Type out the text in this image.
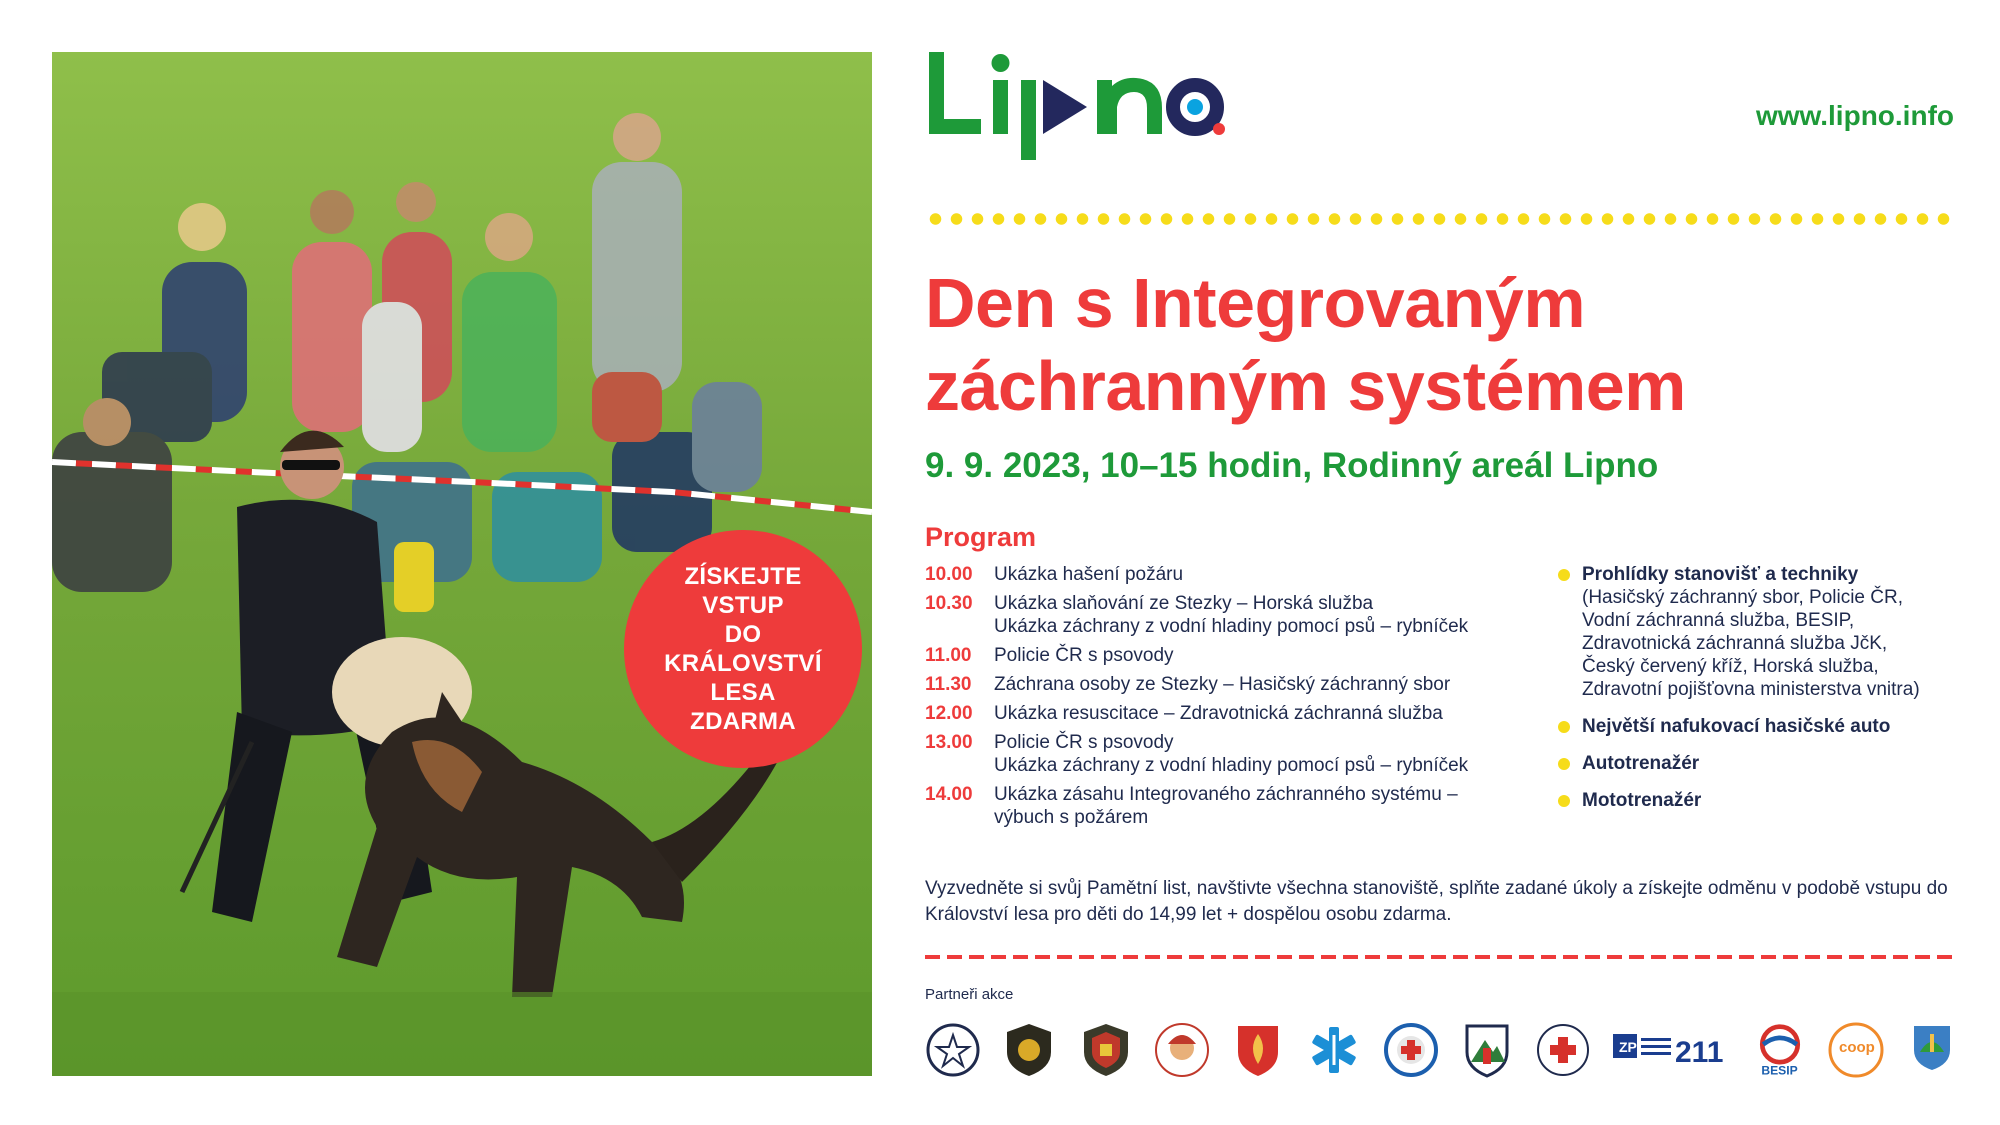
ZÍSKEJTE
VSTUP
DO KRÁLOVSTVÍ
LESA
ZDARMA
www.lipno.info
Den s Integrovaným
záchranným systémem
9. 9. 2023, 10–15 hodin, Rodinný areál Lipno
Program
10.00	Ukázka hašení požáru
10.30	Ukázka slaňování ze Stezky – Horská služba
Ukázka záchrany z vodní hladiny pomocí psů – rybníček
11.00	Policie ČR s psovody
11.30	Záchrana osoby ze Stezky – Hasičský záchranný sbor
12.00	Ukázka resuscitace – Zdravotnická záchranná služba
13.00	Policie ČR s psovody
Ukázka záchrany z vodní hladiny pomocí psů – rybníček
14.00	Ukázka zásahu Integrovaného záchranného systému –
výbuch s požárem
Prohlídky stanovišť a techniky
(Hasičský záchranný sbor, Policie ČR,
Vodní záchranná služba, BESIP,
Zdravotnická záchranná služba JčK,
Český červený kříž, Horská služba,
Zdravotní pojišťovna ministerstva vnitra)
Největší nafukovací hasičské auto
Autotrenažér
Mototrenažér
Vyzvedněte si svůj Pamětní list, navštivte všechna stanoviště, splňte zadané úkoly a získejte odměnu v podobě vstupu do Království lesa pro děti do 14,99 let + dospělou osobu zdarma.
Partneři akce
ZP 211
BESIP
coop
